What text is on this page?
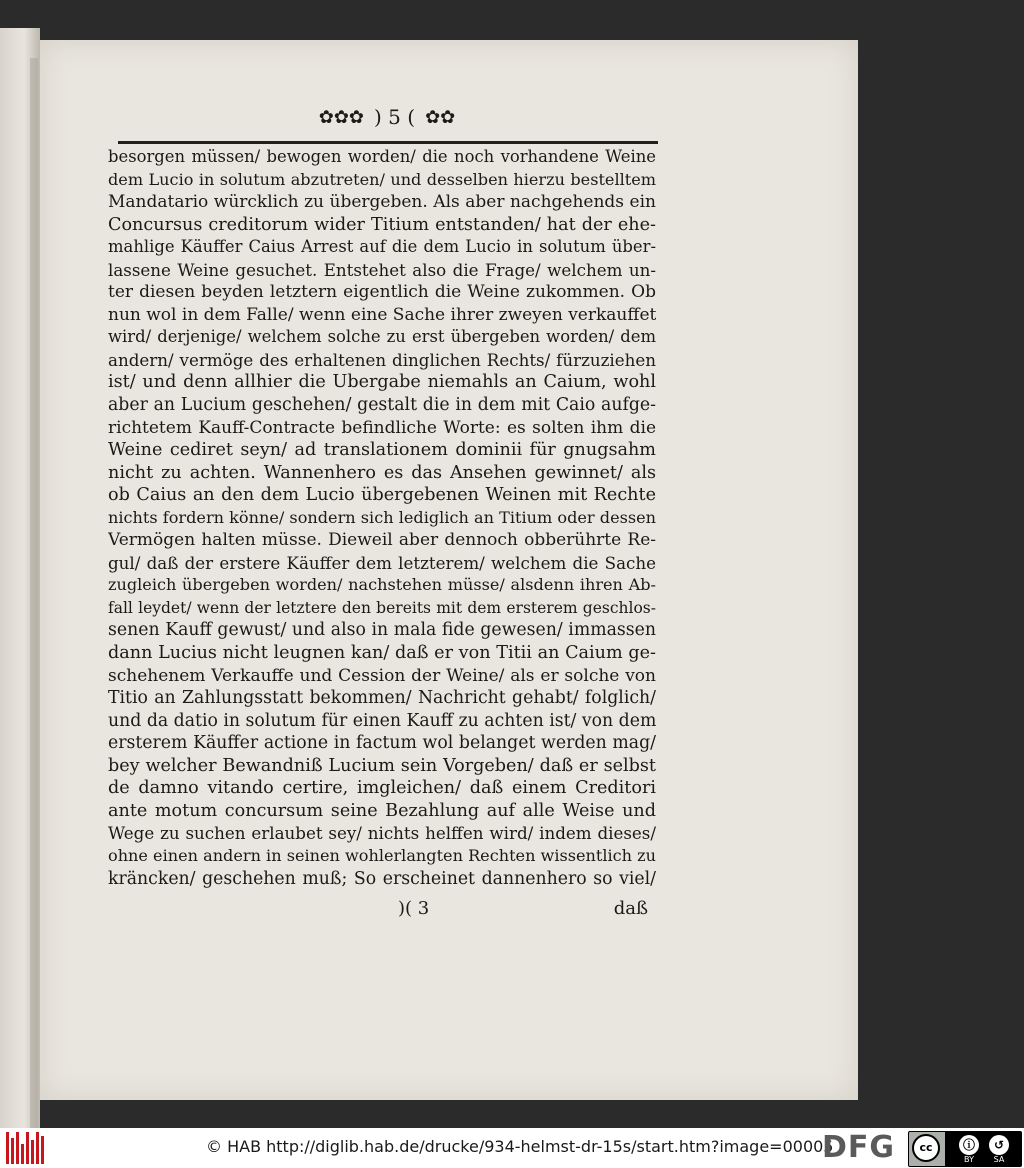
✿✿✿ ) 5 ( ✿✿
besorgen müssen/ bewogen worden/ die noch vorhandene Weine
dem Lucio in solutum abzutreten/ und desselben hierzu bestelltem
Mandatario würcklich zu übergeben. Als aber nachgehends ein
Concursus creditorum wider Titium entstanden/ hat der ehe-
mahlige Käuffer Caius Arrest auf die dem Lucio in solutum über-
lassene Weine gesuchet. Entstehet also die Frage/ welchem un-
ter diesen beyden letztern eigentlich die Weine zukommen. Ob
nun wol in dem Falle/ wenn eine Sache ihrer zweyen verkauffet
wird/ derjenige/ welchem solche zu erst übergeben worden/ dem
andern/ vermöge des erhaltenen dinglichen Rechts/ fürzuziehen
ist/ und denn allhier die Ubergabe niemahls an Caium, wohl
aber an Lucium geschehen/ gestalt die in dem mit Caio aufge-
richtetem Kauff-Contracte befindliche Worte: es solten ihm die
Weine cediret seyn/ ad translationem dominii für gnugsahm
nicht zu achten. Wannenhero es das Ansehen gewinnet/ als
ob Caius an den dem Lucio übergebenen Weinen mit Rechte
nichts fordern könne/ sondern sich lediglich an Titium oder dessen
Vermögen halten müsse. Dieweil aber dennoch obberührte Re-
gul/ daß der erstere Käuffer dem letzterem/ welchem die Sache
zugleich übergeben worden/ nachstehen müsse/ alsdenn ihren Ab-
fall leydet/ wenn der letztere den bereits mit dem ersterem geschlos-
senen Kauff gewust/ und also in mala fide gewesen/ immassen
dann Lucius nicht leugnen kan/ daß er von Titii an Caium ge-
schehenem Verkauffe und Cession der Weine/ als er solche von
Titio an Zahlungsstatt bekommen/ Nachricht gehabt/ folglich/
und da datio in solutum für einen Kauff zu achten ist/ von dem
ersterem Käuffer actione in factum wol belanget werden mag/
bey welcher Bewandniß Lucium sein Vorgeben/ daß er selbst
de damno vitando certire, imgleichen/ daß einem Creditori
ante motum concursum seine Bezahlung auf alle Weise und
Wege zu suchen erlaubet sey/ nichts helffen wird/ indem dieses/
ohne einen andern in seinen wohlerlangten Rechten wissentlich zu
kräncken/ geschehen muß; So erscheinet dannenhero so viel/
)( 3	daß
© HAB http://diglib.hab.de/drucke/934-helmst-dr-15s/start.htm?image=00005
DFG	cc	ⓘ
BY
↺
SA
